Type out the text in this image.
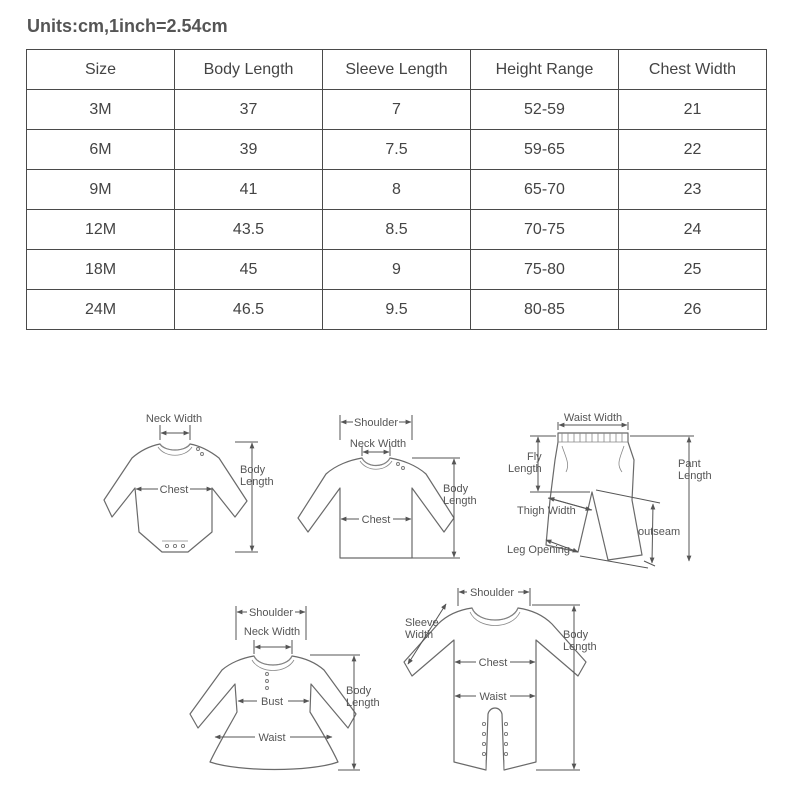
Units:cm,1inch=2.54cm
Size	Body Length	Sleeve Length	Height Range	Chest Width
3M	37	7	52-59	21
6M	39	7.5	59-65	22
9M	41	8	65-70	23
12M	43.5	8.5	70-75	24
18M	45	9	75-80	25
24M	46.5	9.5	80-85	26
Neck Width
Body
Length
Chest
Shoulder
Neck Width
Body
Length
Chest
Waist Width
Fly
Length	Pant
Length
Thigh Width
outseam
Leg Opening
Shoulder
Neck Width
Body
Length
Bust
Waist
Shoulder
Sleeve
Width	Body
Length
Chest
Waist
